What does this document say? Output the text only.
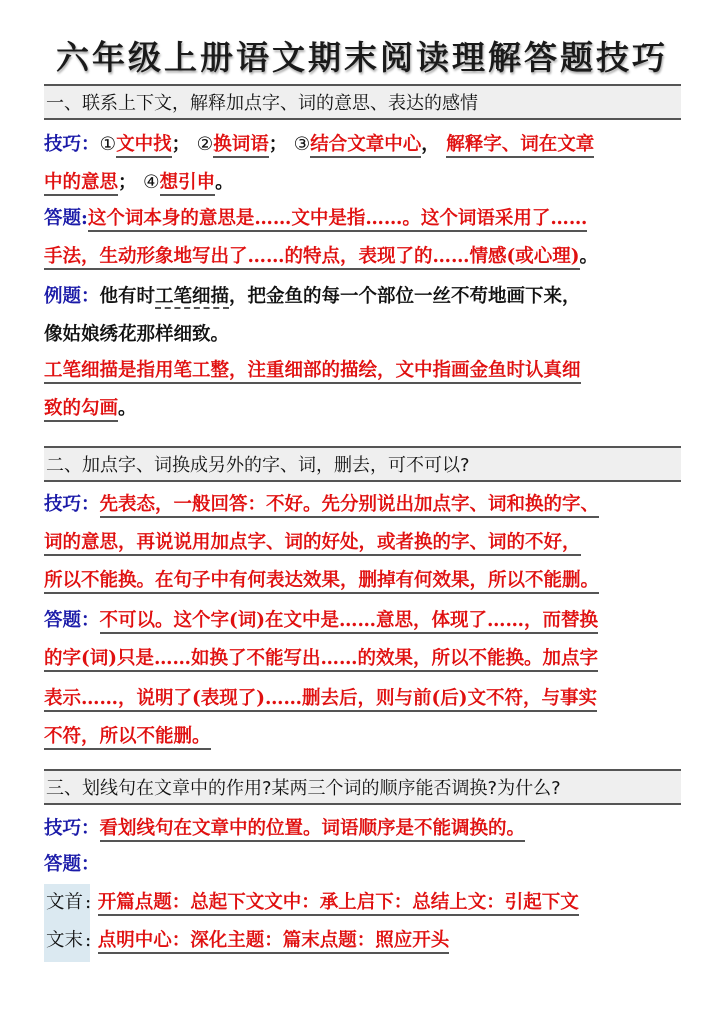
六年级上册语文期末阅读理解答题技巧
一、联系上下文，解释加点字、词的意思、表达的感情
技巧：①文中找； ②换词语； ③结合文章中心， 解释字、词在文章
中的意思； ④想引申。
答题:这个词本身的意思是……文中是指……。这个词语采用了……
手法，生动形象地写出了……的特点，表现了的……情感(或心理)。
例题：他有时工笔细描，把金鱼的每一个部位一丝不苟地画下来，
像姑娘绣花那样细致。
工笔细描是指用笔工整，注重细部的描绘，文中指画金鱼时认真细
致的勾画。
二、加点字、词换成另外的字、词，删去，可不可以?
技巧：先表态，一般回答：不好。先分别说出加点字、词和换的字、
词的意思，再说说用加点字、词的好处，或者换的字、词的不好，
所以不能换。在句子中有何表达效果，删掉有何效果，所以不能删。
答题：不可以。这个字(词)在文中是……意思，体现了……，而替换
的字(词)只是……如换了不能写出……的效果，所以不能换。加点字
表示……，说明了(表现了)……删去后，则与前(后)文不符，与事实
不符，所以不能删。
三、划线句在文章中的作用?某两三个词的顺序能否调换?为什么?
技巧：看划线句在文章中的位置。词语顺序是不能调换的。
答题：
文首 : 开篇点题：总起下文文中：承上启下：总结上文：引起下文
文末 : 点明中心：深化主题：篇末点题：照应开头
